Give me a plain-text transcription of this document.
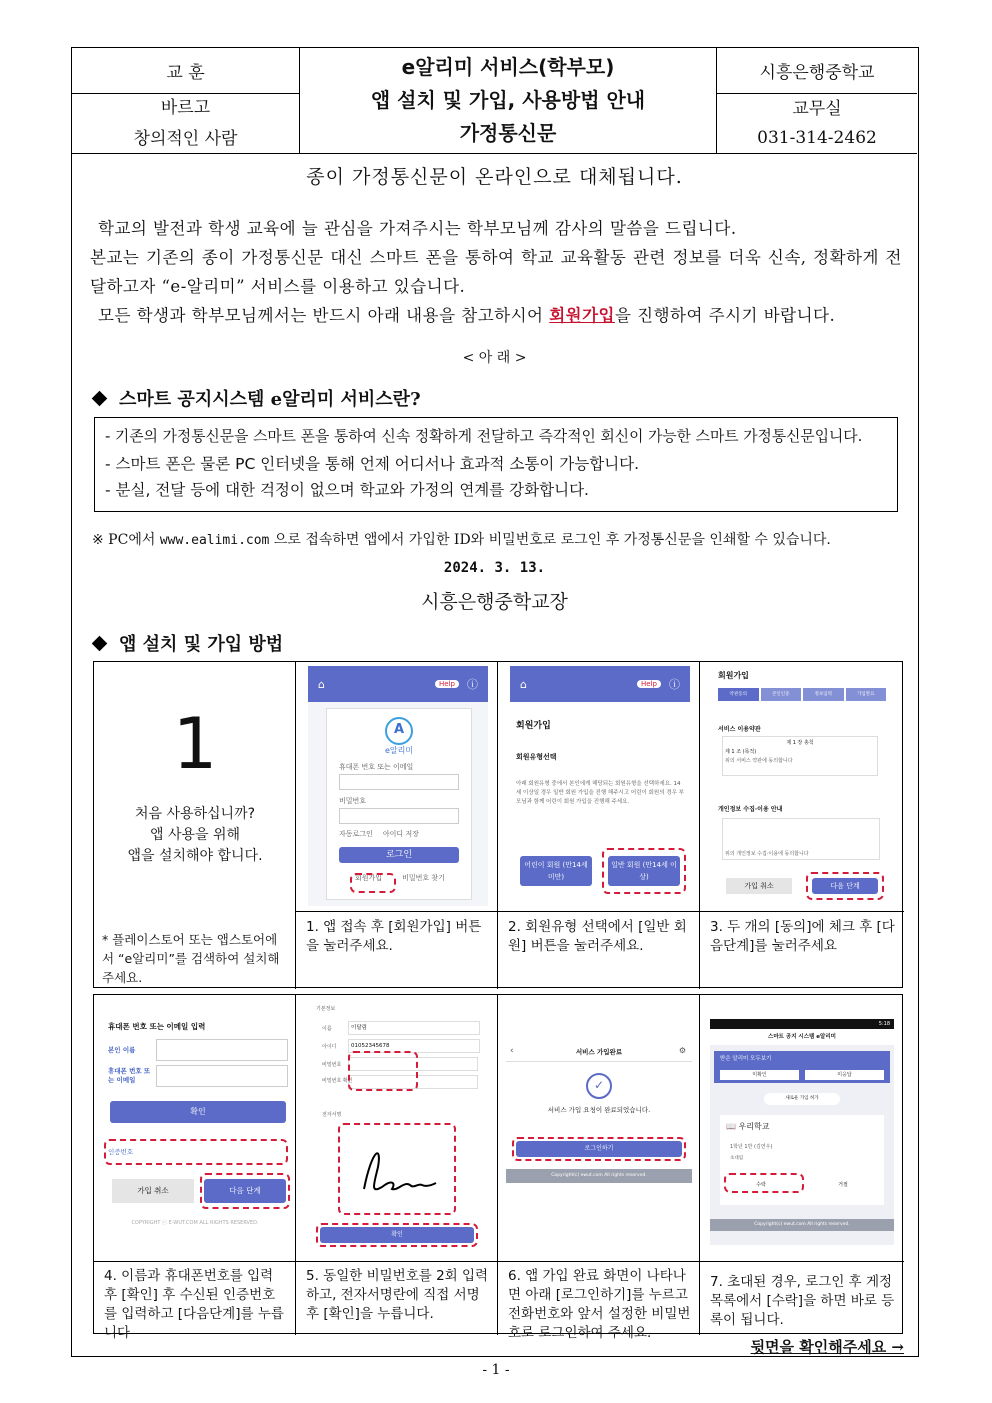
교 훈
바르고
창의적인 사람
e알리미 서비스(학부모)
앱 설치 및 가입, 사용방법 안내
가정통신문
시흥은행중학교
교무실
031-314-2462
종이 가정통신문이 온라인으로 대체됩니다.

학교의 발전과 학생 교육에 늘 관심을 가져주시는 학부모님께 감사의 말씀을 드립니다.

본교는 기존의 종이 가정통신문 대신 스마트 폰을 통하여 학교 교육활동 관련 정보를 더욱 신속, 정확하게 전달하고자 “e-알리미” 서비스를 이용하고 있습니다.

모든 학생과 학부모님께서는 반드시 아래 내용을 참고하시어 회원가입을 진행하여 주시기 바랍니다.

< 아 래 >
스마트 공지시스템 e알리미 서비스란?

- 기존의 가정통신문을 스마트 폰을 통하여 신속 정확하게 전달하고 즉각적인 회신이 가능한 스마트 가정통신문입니다.

- 스마트 폰은 물론 PC 인터넷을 통해 언제 어디서나 효과적 소통이 가능합니다.

- 분실, 전달 등에 대한 걱정이 없으며 학교와 가정의 연계를 강화합니다.

※ PC에서 www.ealimi.com 으로 접속하면 앱에서 가입한 ID와 비밀번호로 로그인 후 가정통신문을 인쇄할 수 있습니다.
2024. 3. 13.
시흥은행중학교장
앱 설치 및 가입 방법
1

처음 사용하십니까?

앱 사용을 위해

앱을 설치해야 합니다.

* 플레이스토어 또는 앱스토어에서 “e알리미”를 검색하여 설치해 주세요.
⌂	Help	ⓘ
A
e알리미
휴대폰 번호 또는 이메일
비밀번호
자동로그인 아이디 저장
로그인
회원가입	비밀번호 찾기
⌂	Help	ⓘ
회원가입
회원유형선택
아래 회원유형 중에서 본인에게 해당되는 회원유형을 선택하세요. 14세 이상일 경우 일반 회원 가입을 진행 해주시고 어린이 회원의 경우 부모님과 함께 어린이 회원 가입을 진행해 주세요.
어린이 회원 (만14세 미만)
일반 회원 (만14세 이상)
회원가입
약관동의	본인인증	정보입력	가입완료
서비스 이용약관
제 1 장 총칙
제 1 조 (목적)
위의 서비스 약관에 동의합니다
개인정보 수집·이용 안내
위의 개인정보 수집·이용에 동의합니다
가입 취소	다음 단계
1. 앱 접속 후 [회원가입] 버튼을 눌러주세요.
2. 회원유형 선택에서 [일반 회원] 버튼을 눌러주세요.
3. 두 개의 [동의]에 체크 후 [다음단계]를 눌러주세요
휴대폰 번호 또는 이메일 입력
본인 이름
휴대폰 번호 또는 이메일
확인
인증번호
가입 취소	다음 단계
COPYRIGHT ⓒ E-WUT.COM ALL RIGHTS RESERVED.
기본정보
이름	이달림
아이디	01052345678
비밀번호
비밀번호 확인
전자서명
확인
서비스 가입완료
‹	⚙
✓
서비스 가입 요청이 완료되었습니다.
로그인하기
Copyright(c) ewut.com All rights reserved.
5:18
스마트 공지 시스템 e알리미
받은 알리미 모두보기
미확인	미응답
새로운 가입 허가
📖 우리학교
1학년 1반 (김연우)
초대됨
수락	거절
Copyright(c) ewut.com All rights reserved.
4. 이름과 휴대폰번호를 입력 후 [확인] 후 수신된 인증번호를 입력하고 [다음단계]를 누릅니다
5. 동일한 비밀번호를 2회 입력하고, 전자서명란에 직접 서명 후 [확인]을 누릅니다.
6. 앱 가입 완료 화면이 나타나면 아래 [로그인하기]를 누르고 전화번호와 앞서 설정한 비밀번호로 로그인하여 주세요.
7. 초대된 경우, 로그인 후 게정목록에서 [수락]을 하면 바로 등록이 됩니다.
뒷면을 확인해주세요 →
- 1 -
